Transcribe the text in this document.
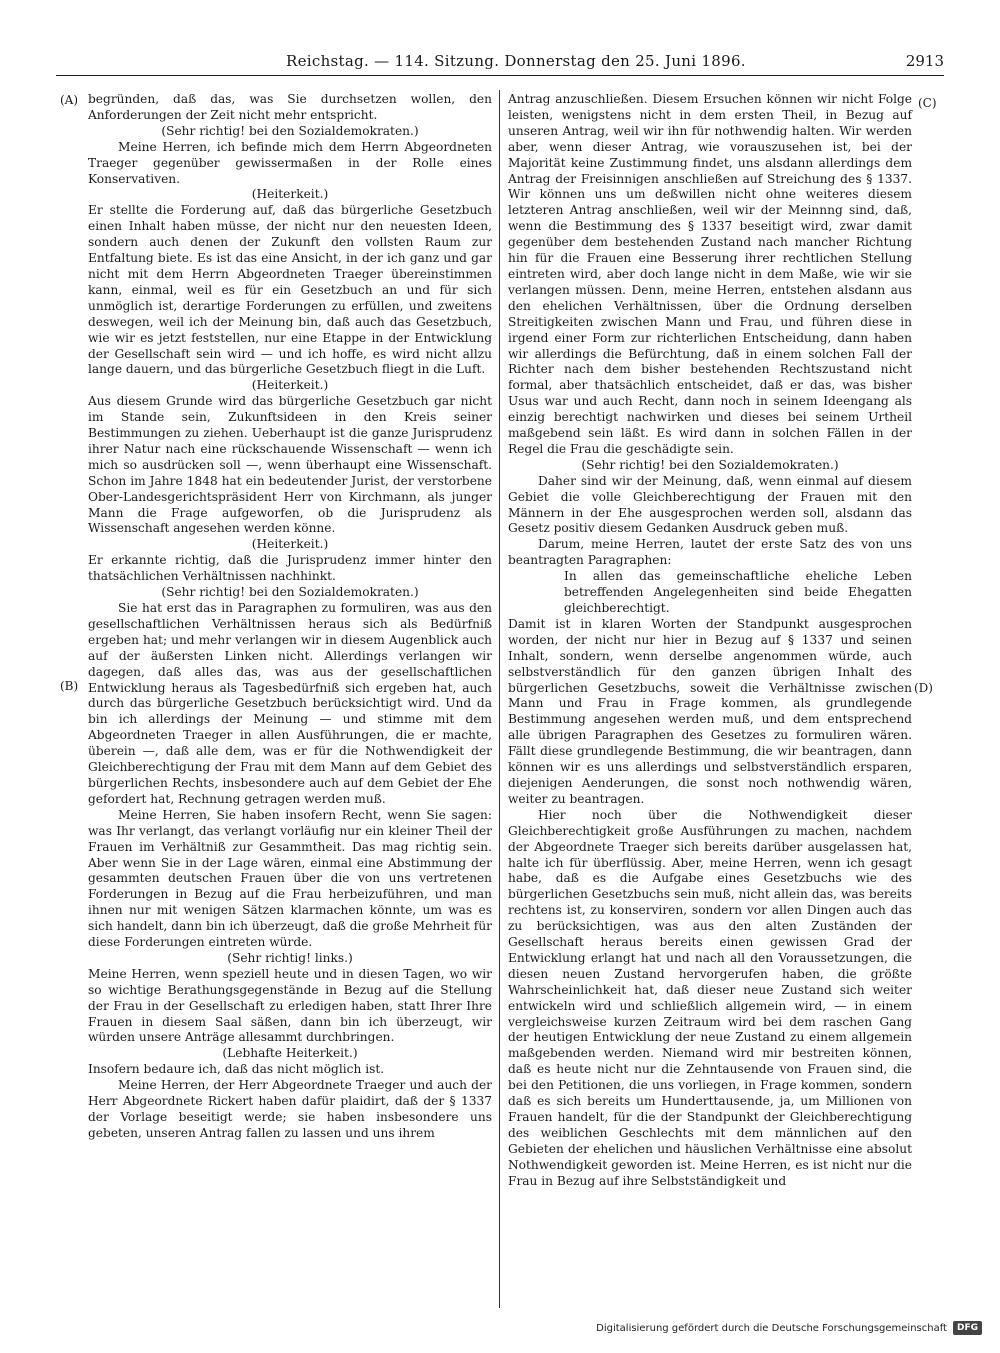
Reichstag. — 114. Sitzung. Donnerstag den 25. Juni 1896.	2913
(A)
(B)
(C)
(D)

begründen, daß das, was Sie durchsetzen wollen, den Anforderungen der Zeit nicht mehr entspricht.

(Sehr richtig! bei den Sozialdemokraten.)

Meine Herren, ich befinde mich dem Herrn Abgeordneten Traeger gegenüber gewissermaßen in der Rolle eines Konservativen.

(Heiterkeit.)

Er stellte die Forderung auf, daß das bürgerliche Gesetzbuch einen Inhalt haben müsse, der nicht nur den neuesten Ideen, sondern auch denen der Zukunft den vollsten Raum zur Entfaltung biete. Es ist das eine Ansicht, in der ich ganz und gar nicht mit dem Herrn Abgeordneten Traeger übereinstimmen kann, einmal, weil es für ein Gesetzbuch an und für sich unmöglich ist, derartige Forderungen zu erfüllen, und zweitens deswegen, weil ich der Meinung bin, daß auch das Gesetzbuch, wie wir es jetzt feststellen, nur eine Etappe in der Entwicklung der Gesellschaft sein wird — und ich hoffe, es wird nicht allzu lange dauern, und das bürgerliche Gesetzbuch fliegt in die Luft.

(Heiterkeit.)

Aus diesem Grunde wird das bürgerliche Gesetzbuch gar nicht im Stande sein, Zukunftsideen in den Kreis seiner Bestimmungen zu ziehen. Ueberhaupt ist die ganze Jurisprudenz ihrer Natur nach eine rückschauende Wissenschaft — wenn ich mich so ausdrücken soll —, wenn überhaupt eine Wissenschaft. Schon im Jahre 1848 hat ein bedeutender Jurist, der verstorbene Ober-Landesgerichtspräsident Herr von Kirchmann, als junger Mann die Frage aufgeworfen, ob die Jurisprudenz als Wissenschaft angesehen werden könne.

(Heiterkeit.)

Er erkannte richtig, daß die Jurisprudenz immer hinter den thatsächlichen Verhältnissen nachhinkt.

(Sehr richtig! bei den Sozialdemokraten.)

Sie hat erst das in Paragraphen zu formuliren, was aus den gesellschaftlichen Verhältnissen heraus sich als Bedürfniß ergeben hat; und mehr verlangen wir in diesem Augenblick auch auf der äußersten Linken nicht. Allerdings verlangen wir dagegen, daß alles das, was aus der gesellschaftlichen Entwicklung heraus als Tagesbedürfniß sich ergeben hat, auch durch das bürgerliche Gesetzbuch berücksichtigt wird. Und da bin ich allerdings der Meinung — und stimme mit dem Abgeordneten Traeger in allen Ausführungen, die er machte, überein —, daß alle dem, was er für die Nothwendigkeit der Gleichberechtigung der Frau mit dem Mann auf dem Gebiet des bürgerlichen Rechts, insbesondere auch auf dem Gebiet der Ehe gefordert hat, Rechnung getragen werden muß.

Meine Herren, Sie haben insofern Recht, wenn Sie sagen: was Ihr verlangt, das verlangt vorläufig nur ein kleiner Theil der Frauen im Verhältniß zur Gesammtheit. Das mag richtig sein. Aber wenn Sie in der Lage wären, einmal eine Abstimmung der gesammten deutschen Frauen über die von uns vertretenen Forderungen in Bezug auf die Frau herbeizuführen, und man ihnen nur mit wenigen Sätzen klarmachen könnte, um was es sich handelt, dann bin ich überzeugt, daß die große Mehrheit für diese Forderungen eintreten würde.

(Sehr richtig! links.)

Meine Herren, wenn speziell heute und in diesen Tagen, wo wir so wichtige Berathungsgegenstände in Bezug auf die Stellung der Frau in der Gesellschaft zu erledigen haben, statt Ihrer Ihre Frauen in diesem Saal säßen, dann bin ich überzeugt, wir würden unsere Anträge allesammt durchbringen.

(Lebhafte Heiterkeit.)

Insofern bedaure ich, daß das nicht möglich ist.

Meine Herren, der Herr Abgeordnete Traeger und auch der Herr Abgeordnete Rickert haben dafür plaidirt, daß der § 1337 der Vorlage beseitigt werde; sie haben insbesondere uns gebeten, unseren Antrag fallen zu lassen und uns ihrem

Antrag anzuschließen. Diesem Ersuchen können wir nicht Folge leisten, wenigstens nicht in dem ersten Theil, in Bezug auf unseren Antrag, weil wir ihn für nothwendig halten. Wir werden aber, wenn dieser Antrag, wie vorauszusehen ist, bei der Majorität keine Zustimmung findet, uns alsdann allerdings dem Antrag der Freisinnigen anschließen auf Streichung des § 1337. Wir können uns um deßwillen nicht ohne weiteres diesem letzteren Antrag anschließen, weil wir der Meinnng sind, daß, wenn die Bestimmung des § 1337 beseitigt wird, zwar damit gegenüber dem bestehenden Zustand nach mancher Richtung hin für die Frauen eine Besserung ihrer rechtlichen Stellung eintreten wird, aber doch lange nicht in dem Maße, wie wir sie verlangen müssen. Denn, meine Herren, entstehen alsdann aus den ehelichen Verhältnissen, über die Ordnung derselben Streitigkeiten zwischen Mann und Frau, und führen diese in irgend einer Form zur richterlichen Entscheidung, dann haben wir allerdings die Befürchtung, daß in einem solchen Fall der Richter nach dem bisher bestehenden Rechtszustand nicht formal, aber thatsächlich entscheidet, daß er das, was bisher Usus war und auch Recht, dann noch in seinem Ideengang als einzig berechtigt nachwirken und dieses bei seinem Urtheil maßgebend sein läßt. Es wird dann in solchen Fällen in der Regel die Frau die geschädigte sein.

(Sehr richtig! bei den Sozialdemokraten.)

Daher sind wir der Meinung, daß, wenn einmal auf diesem Gebiet die volle Gleichberechtigung der Frauen mit den Männern in der Ehe ausgesprochen werden soll, alsdann das Gesetz positiv diesem Gedanken Ausdruck geben muß.

Darum, meine Herren, lautet der erste Satz des von uns beantragten Paragraphen:

In allen das gemeinschaftliche eheliche Leben betreffenden Angelegenheiten sind beide Ehegatten gleichberechtigt.

Damit ist in klaren Worten der Standpunkt ausgesprochen worden, der nicht nur hier in Bezug auf § 1337 und seinen Inhalt, sondern, wenn derselbe angenommen würde, auch selbstverständlich für den ganzen übrigen Inhalt des bürgerlichen Gesetzbuchs, soweit die Verhältnisse zwischen Mann und Frau in Frage kommen, als grundlegende Bestimmung angesehen werden muß, und dem entsprechend alle übrigen Paragraphen des Gesetzes zu formuliren wären. Fällt diese grundlegende Bestimmung, die wir beantragen, dann können wir es uns allerdings und selbstverständlich ersparen, diejenigen Aenderungen, die sonst noch nothwendig wären, weiter zu beantragen.

Hier noch über die Nothwendigkeit dieser Gleichberechtigkeit große Ausführungen zu machen, nachdem der Abgeordnete Traeger sich bereits darüber ausgelassen hat, halte ich für überflüssig. Aber, meine Herren, wenn ich gesagt habe, daß es die Aufgabe eines Gesetzbuchs wie des bürgerlichen Gesetzbuchs sein muß, nicht allein das, was bereits rechtens ist, zu konserviren, sondern vor allen Dingen auch das zu berücksichtigen, was aus den alten Zuständen der Gesellschaft heraus bereits einen gewissen Grad der Entwicklung erlangt hat und nach all den Voraussetzungen, die diesen neuen Zustand hervorgerufen haben, die größte Wahrscheinlichkeit hat, daß dieser neue Zustand sich weiter entwickeln wird und schließlich allgemein wird, — in einem vergleichsweise kurzen Zeitraum wird bei dem raschen Gang der heutigen Entwicklung der neue Zustand zu einem allgemein maßgebenden werden. Niemand wird mir bestreiten können, daß es heute nicht nur die Zehntausende von Frauen sind, die bei den Petitionen, die uns vorliegen, in Frage kommen, sondern daß es sich bereits um Hunderttausende, ja, um Millionen von Frauen handelt, für die der Standpunkt der Gleichberechtigung des weiblichen Geschlechts mit dem männlichen auf den Gebieten der ehelichen und häuslichen Verhältnisse eine absolut Nothwendigkeit geworden ist. Meine Herren, es ist nicht nur die Frau in Bezug auf ihre Selbstständigkeit und

Digitalisierung gefördert durch die Deutsche Forschungsgemeinschaft	DFG
